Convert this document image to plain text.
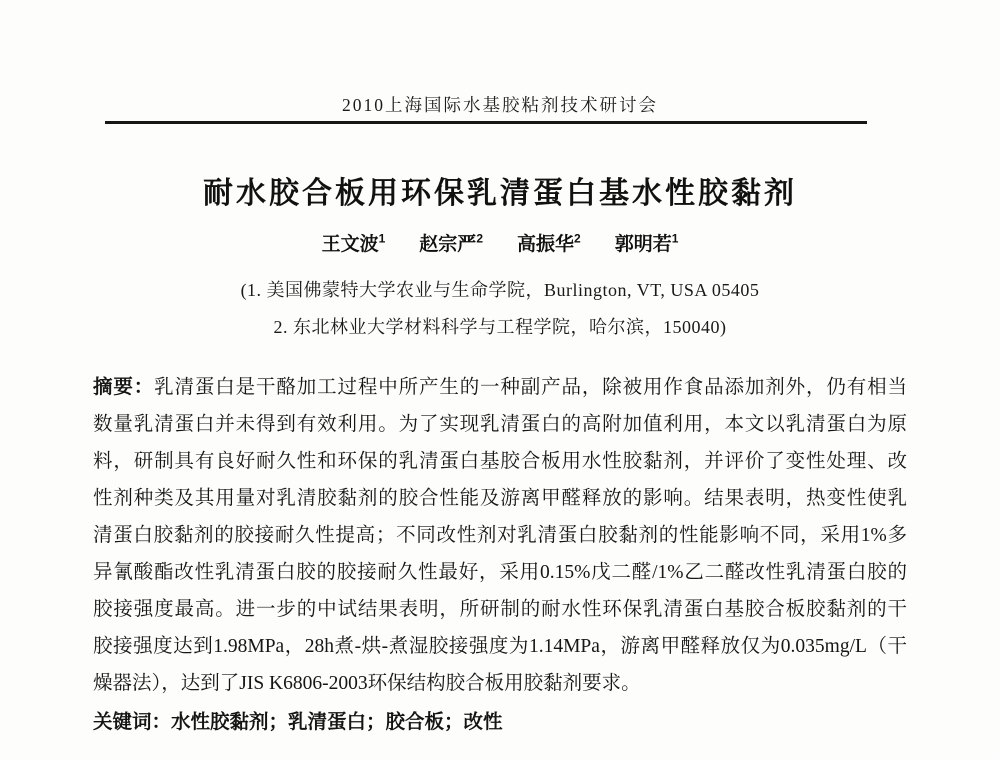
2010上海国际水基胶粘剂技术研讨会
耐水胶合板用环保乳清蛋白基水性胶黏剂
王文波$^1$ 赵宗严$^2$ 高振华$^2$ 郭明若$^1$
(1. 美国佛蒙特大学农业与生命学院，Burlington, VT, USA 05405
2. 东北林业大学材料科学与工程学院，哈尔滨，150040)
摘要：乳清蛋白是干酪加工过程中所产生的一种副产品，除被用作食品添加剂外，仍有相当
数量乳清蛋白并未得到有效利用。为了实现乳清蛋白的高附加值利用，本文以乳清蛋白为原
料，研制具有良好耐久性和环保的乳清蛋白基胶合板用水性胶黏剂，并评价了变性处理、改
性剂种类及其用量对乳清胶黏剂的胶合性能及游离甲醛释放的影响。结果表明，热变性使乳
清蛋白胶黏剂的胶接耐久性提高；不同改性剂对乳清蛋白胶黏剂的性能影响不同，采用1%多
异氰酸酯改性乳清蛋白胶的胶接耐久性最好，采用0.15%戊二醛/1%乙二醛改性乳清蛋白胶的
胶接强度最高。进一步的中试结果表明，所研制的耐水性环保乳清蛋白基胶合板胶黏剂的干
胶接强度达到1.98MPa，28h煮-烘-煮湿胶接强度为1.14MPa，游离甲醛释放仅为0.035mg/L（干
燥器法），达到了JIS K6806-2003环保结构胶合板用胶黏剂要求。
关键词：水性胶黏剂；乳清蛋白；胶合板；改性
